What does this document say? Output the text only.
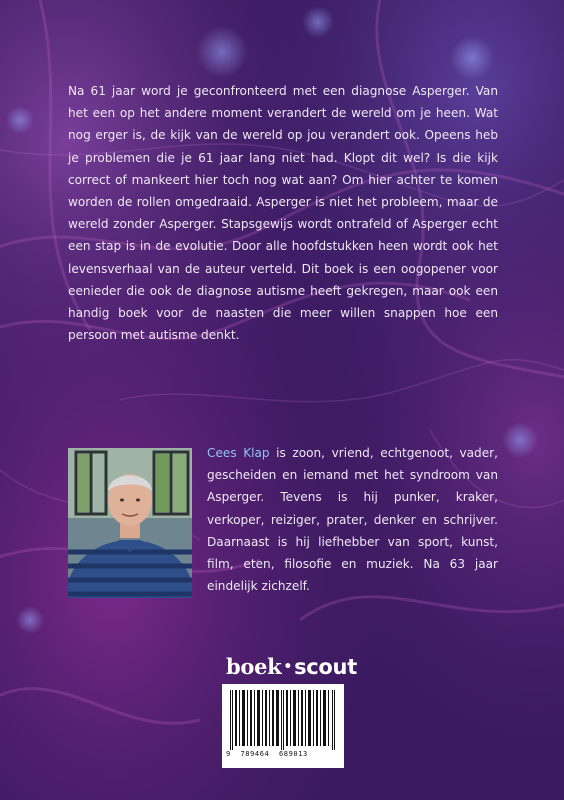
Na 61 jaar word je geconfronteerd met een diagnose Asperger. Van het een op het andere moment verandert de wereld om je heen. Wat nog erger is, de kijk van de wereld op jou verandert ook. Opeens heb je problemen die je 61 jaar lang niet had. Klopt dit wel? Is die kijk correct of mankeert hier toch nog wat aan? Om hier achter te komen worden de rollen omgedraaid. Asperger is niet het probleem, maar de wereld zonder Asperger. Stapsgewijs wordt ontrafeld of Asperger echt een stap is in de evolutie. Door alle hoofdstukken heen wordt ook het levensverhaal van de auteur verteld. Dit boek is een oogopener voor eenieder die ook de diagnose autisme heeft gekregen, maar ook een handig boek voor de naasten die meer willen snappen hoe een persoon met autisme denkt.

Cees Klap is zoon, vriend, echtgenoot, vader, gescheiden en iemand met het syndroom van Asperger. Tevens is hij punker, kraker, verkoper, reiziger, prater, denker en schrijver. Daarnaast is hij liefhebber van sport, kunst, film, eten, filosofie en muziek. Na 63 jaar eindelijk zichzelf.

boek •scout
9  789464  689013
